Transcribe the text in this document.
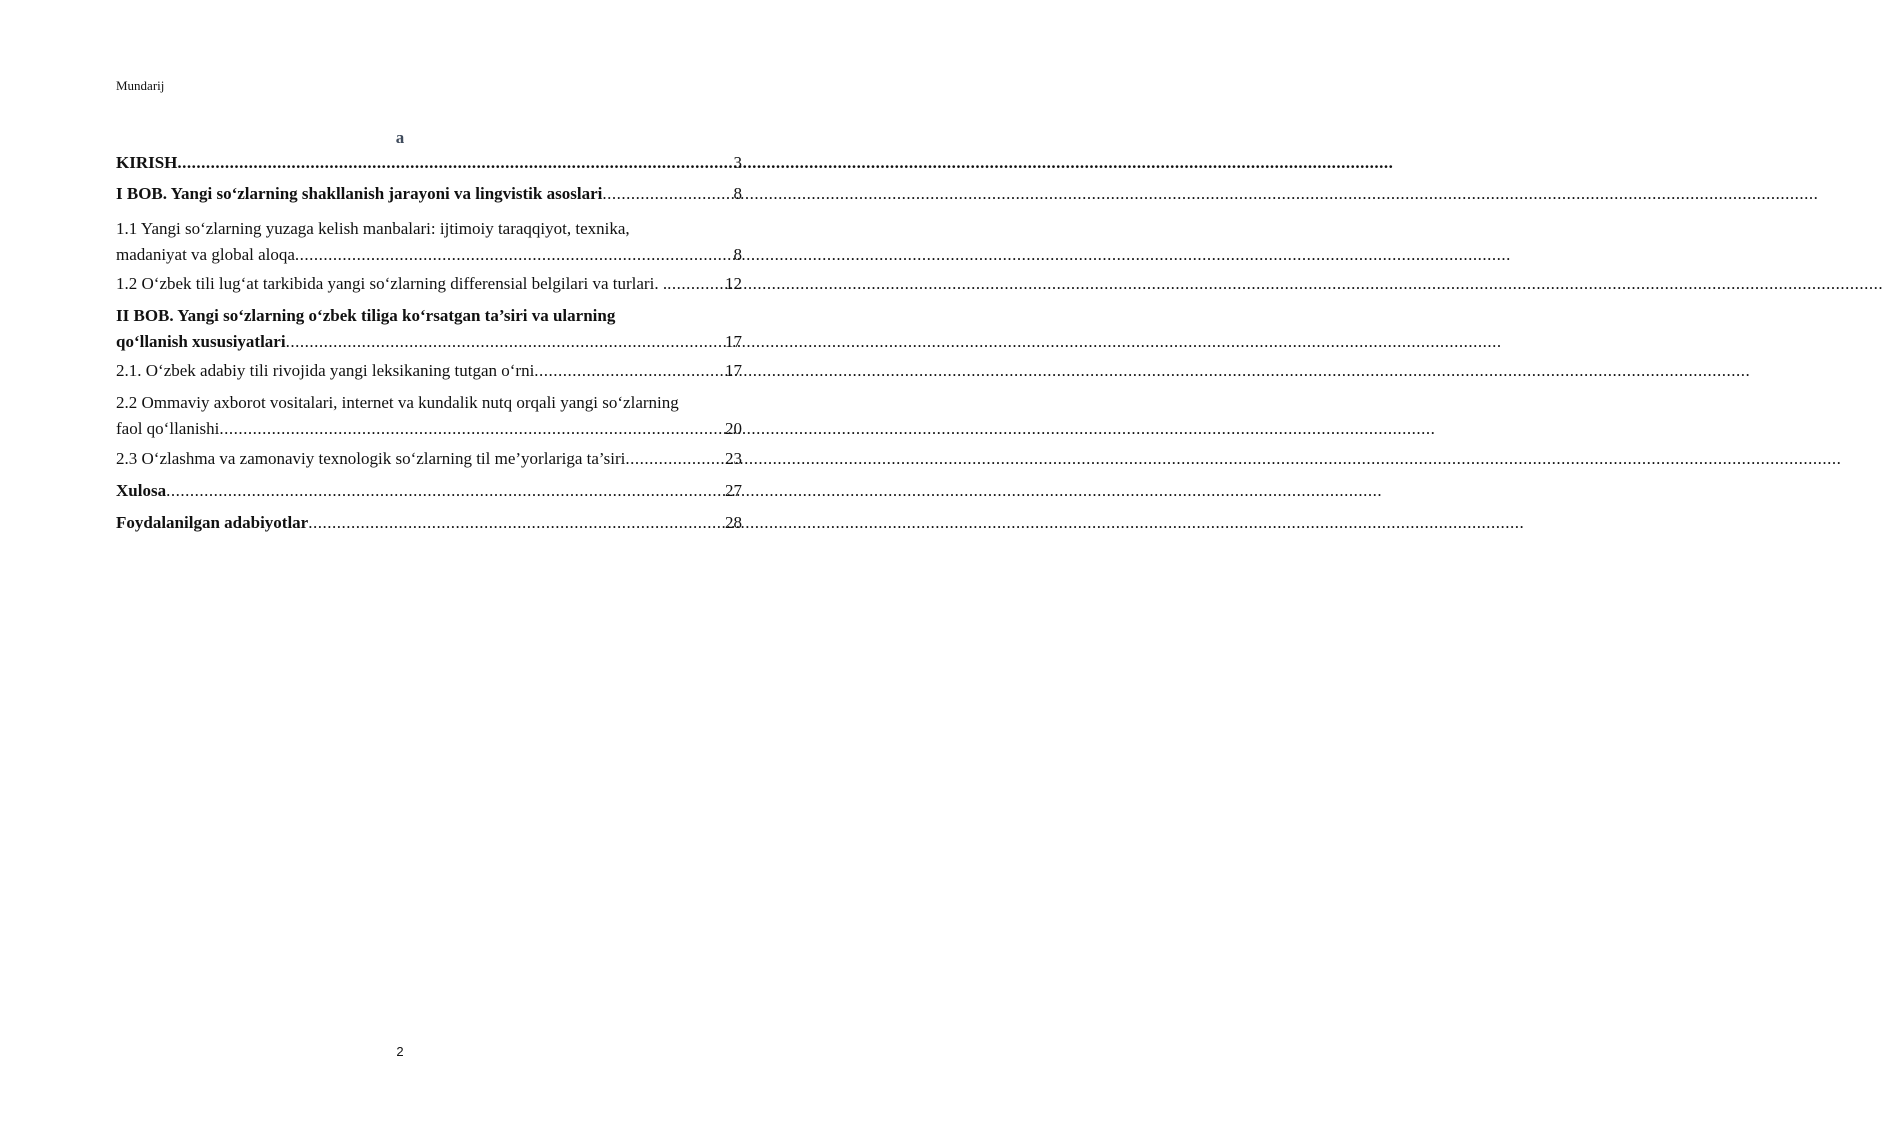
Mundarij
a
KIRISH .....	3
I BOB. Yangi so‘zlarning shakllanish jarayoni va lingvistik asoslari .....	8
1.1 Yangi so‘zlarning yuzaga kelish manbalari: ijtimoiy taraqqiyot, texnika,
madaniyat va global aloqa .....	8
1.2 O‘zbek tili lug‘at tarkibida yangi so‘zlarning differensial belgilari va turlari. . .....	12
II BOB. Yangi so‘zlarning o‘zbek tiliga ko‘rsatgan ta’siri va ularning
qo‘llanish xususiyatlari .....	17
2.1. O‘zbek adabiy tili rivojida yangi leksikaning tutgan o‘rni .....	17
2.2 Ommaviy axborot vositalari, internet va kundalik nutq orqali yangi so‘zlarning
faol qo‘llanishi .....	20
2.3 O‘zlashma va zamonaviy texnologik so‘zlarning til me’yorlariga ta’siri .....	23
Xulosa .....	27
Foydalanilgan adabiyotlar .....	28
2
